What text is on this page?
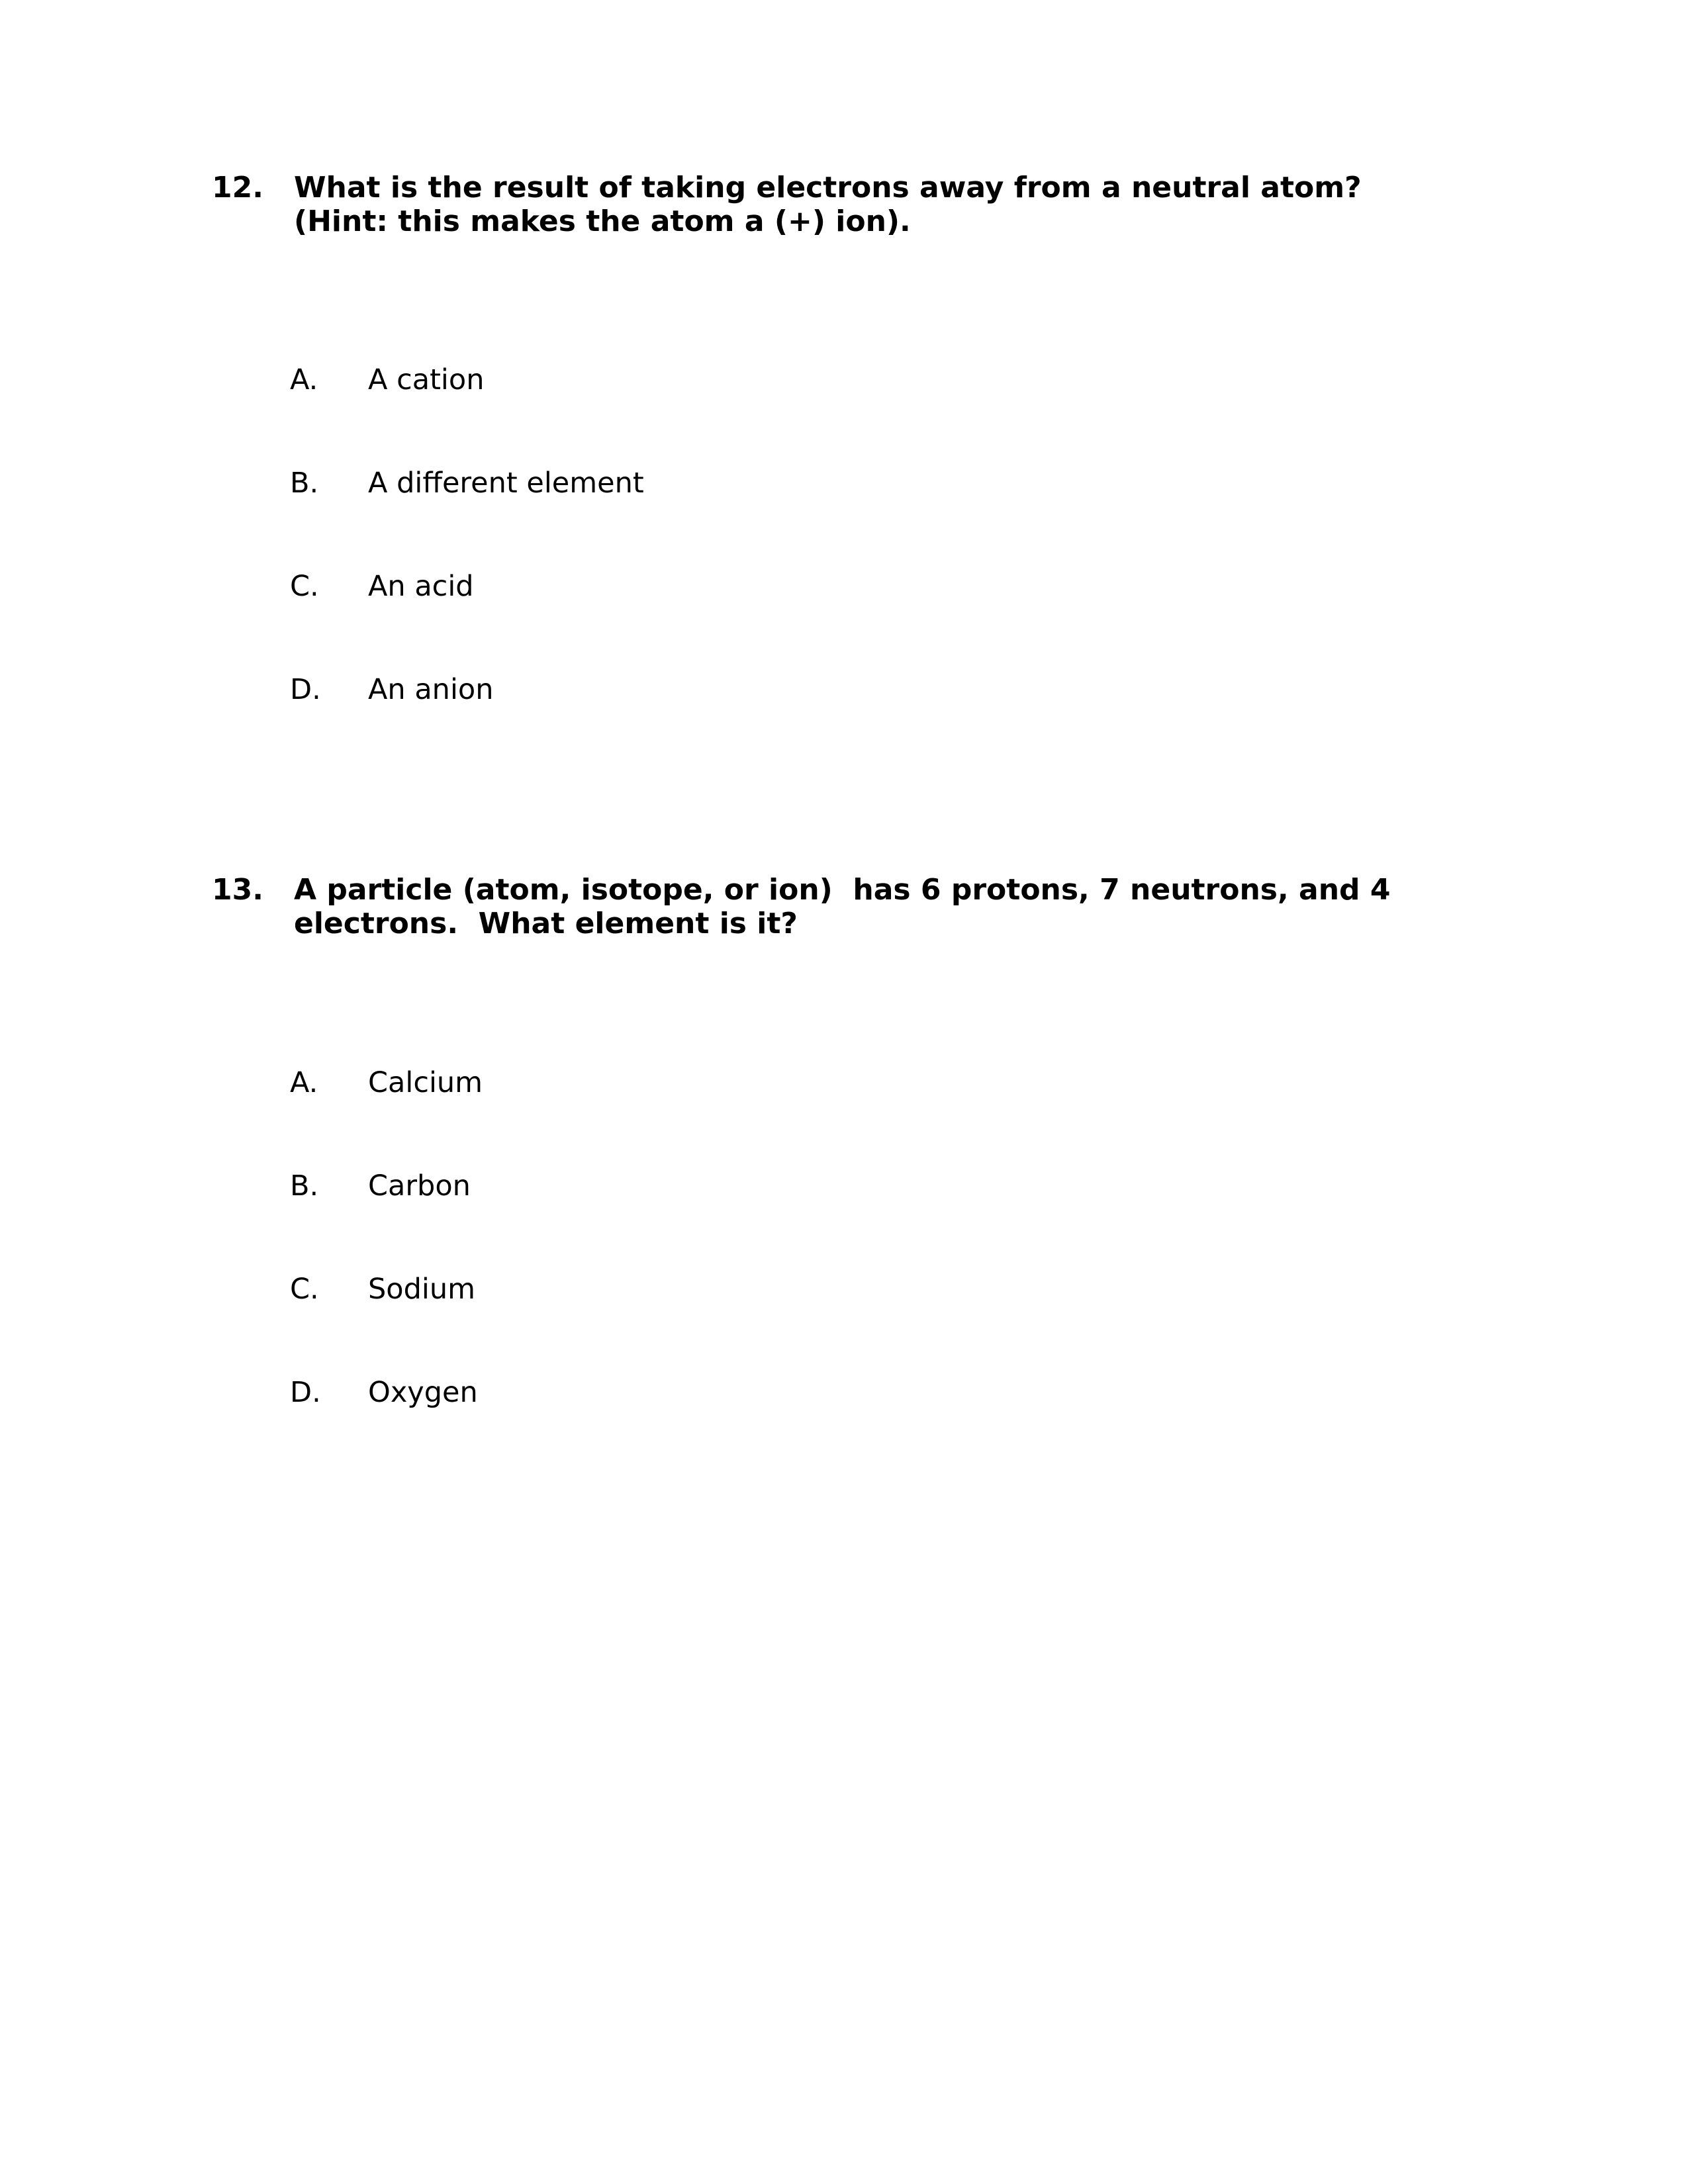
12. What is the result of taking electrons away from a neutral atom?
(Hint: this makes the atom a (+) ion).
A. A cation
B. A different element
C. An acid
D. An anion
13. A particle (atom, isotope, or ion)  has 6 protons, 7 neutrons, and 4
electrons.  What element is it?
A. Calcium
B. Carbon
C. Sodium
D. Oxygen
